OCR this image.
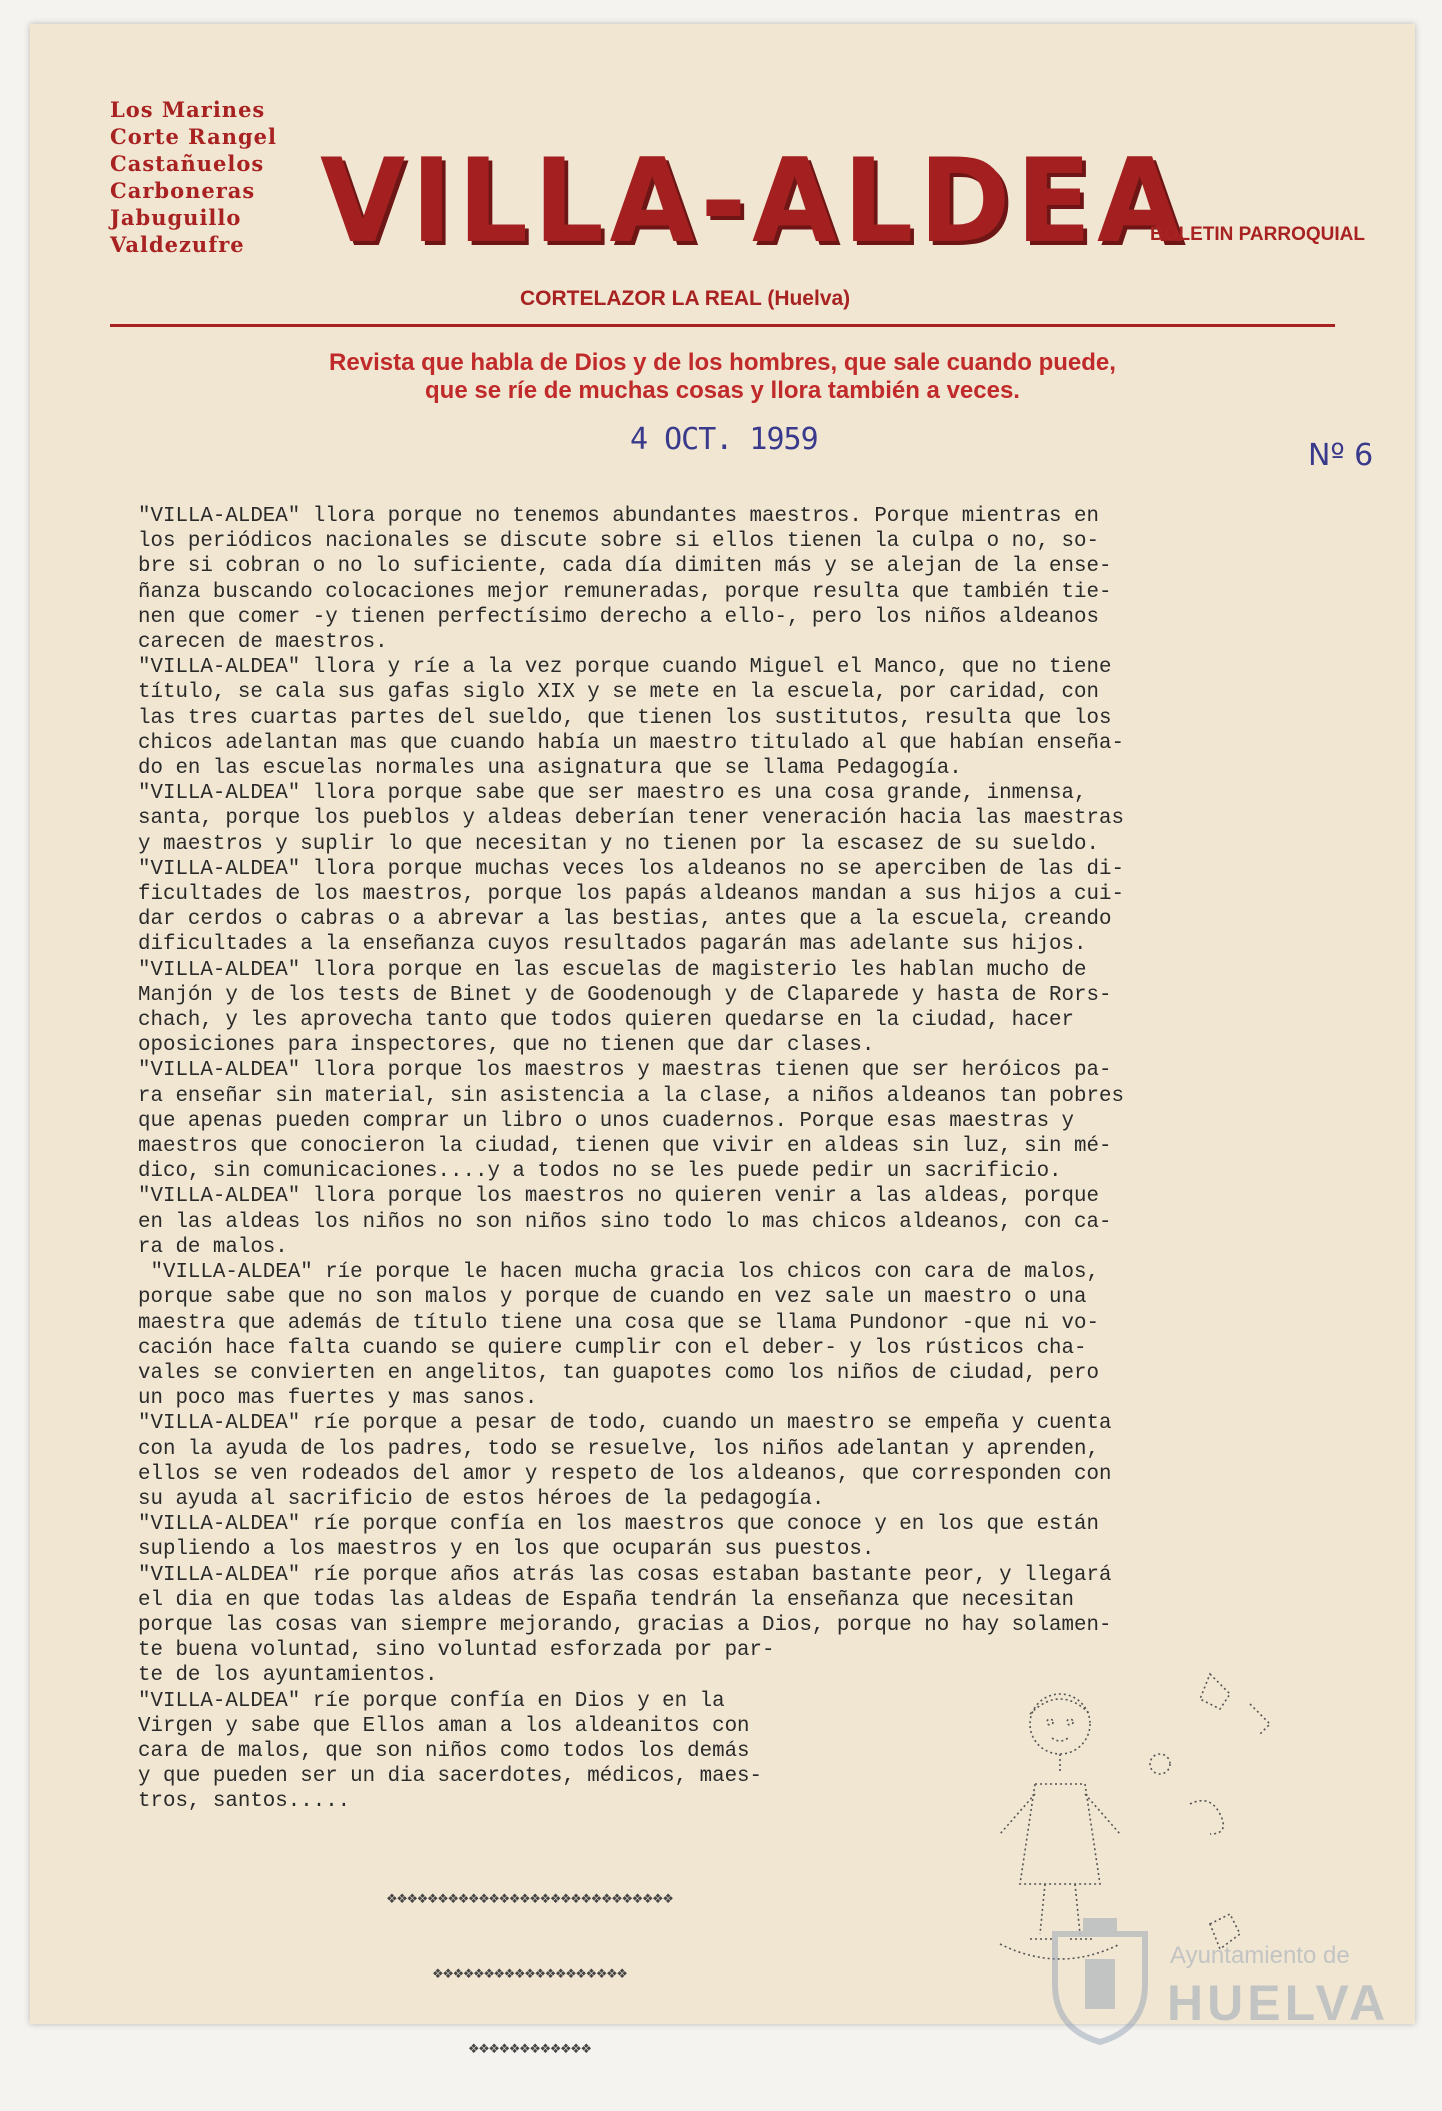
Los Marines
Corte Rangel
Castañuelos
Carboneras
Jabuguillo
Valdezufre VILLA-ALDEA
BOLETIN PARROQUIAL
CORTELAZOR LA REAL (Huelva)
Revista que habla de Dios y de los hombres, que sale cuando puede,
que se ríe de muchas cosas y llora también a veces.
4 OCT. 1959	Nº 6
"VILLA-ALDEA" llora porque no tenemos abundantes maestros. Porque mientras en
los periódicos nacionales se discute sobre si ellos tienen la culpa o no, so-
bre si cobran o no lo suficiente, cada día dimiten más y se alejan de la ense-
ñanza buscando colocaciones mejor remuneradas, porque resulta que también tie-
nen que comer -y tienen perfectísimo derecho a ello-, pero los niños aldeanos
carecen de maestros.
"VILLA-ALDEA" llora y ríe a la vez porque cuando Miguel el Manco, que no tiene
título, se cala sus gafas siglo XIX y se mete en la escuela, por caridad, con
las tres cuartas partes del sueldo, que tienen los sustitutos, resulta que los
chicos adelantan mas que cuando había un maestro titulado al que habían enseña-
do en las escuelas normales una asignatura que se llama Pedagogía.
"VILLA-ALDEA" llora porque sabe que ser maestro es una cosa grande, inmensa,
santa, porque los pueblos y aldeas deberían tener veneración hacia las maestras
y maestros y suplir lo que necesitan y no tienen por la escasez de su sueldo.
"VILLA-ALDEA" llora porque muchas veces los aldeanos no se aperciben de las di-
ficultades de los maestros, porque los papás aldeanos mandan a sus hijos a cui-
dar cerdos o cabras o a abrevar a las bestias, antes que a la escuela, creando
dificultades a la enseñanza cuyos resultados pagarán mas adelante sus hijos.
"VILLA-ALDEA" llora porque en las escuelas de magisterio les hablan mucho de
Manjón y de los tests de Binet y de Goodenough y de Claparede y hasta de Rors-
chach, y les aprovecha tanto que todos quieren quedarse en la ciudad, hacer
oposiciones para inspectores, que no tienen que dar clases.
"VILLA-ALDEA" llora porque los maestros y maestras tienen que ser heróicos pa-
ra enseñar sin material, sin asistencia a la clase, a niños aldeanos tan pobres
que apenas pueden comprar un libro o unos cuadernos. Porque esas maestras y
maestros que conocieron la ciudad, tienen que vivir en aldeas sin luz, sin mé-
dico, sin comunicaciones....y a todos no se les puede pedir un sacrificio.
"VILLA-ALDEA" llora porque los maestros no quieren venir a las aldeas, porque
en las aldeas los niños no son niños sino todo lo mas chicos aldeanos, con ca-
ra de malos.
"VILLA-ALDEA" ríe porque le hacen mucha gracia los chicos con cara de malos,
porque sabe que no son malos y porque de cuando en vez sale un maestro o una
maestra que además de título tiene una cosa que se llama Pundonor -que ni vo-
cación hace falta cuando se quiere cumplir con el deber- y los rústicos cha-
vales se convierten en angelitos, tan guapotes como los niños de ciudad, pero
un poco mas fuertes y mas sanos.
"VILLA-ALDEA" ríe porque a pesar de todo, cuando un maestro se empeña y cuenta
con la ayuda de los padres, todo se resuelve, los niños adelantan y aprenden,
ellos se ven rodeados del amor y respeto de los aldeanos, que corresponden con
su ayuda al sacrificio de estos héroes de la pedagogía.
"VILLA-ALDEA" ríe porque confía en los maestros que conoce y en los que están
supliendo a los maestros y en los que ocuparán sus puestos.
"VILLA-ALDEA" ríe porque años atrás las cosas estaban bastante peor, y llegará
el dia en que todas las aldeas de España tendrán la enseñanza que necesitan
porque las cosas van siempre mejorando, gracias a Dios, porque no hay solamen-
te buena voluntad, sino voluntad esforzada por par-
te de los ayuntamientos.
"VILLA-ALDEA" ríe porque confía en Dios y en la
Virgen y sabe que Ellos aman a los aldeanitos con
cara de malos, que son niños como todos los demás
y que pueden ser un dia sacerdotes, médicos, maes-
tros, santos.....

❖❖❖❖❖❖❖❖❖❖❖❖❖❖❖❖❖❖❖❖❖❖❖❖❖❖❖❖

❖❖❖❖❖❖❖❖❖❖❖❖❖❖❖❖❖❖❖

❖❖❖❖❖❖❖❖❖❖❖❖

Ayuntamiento de
HUELVA
